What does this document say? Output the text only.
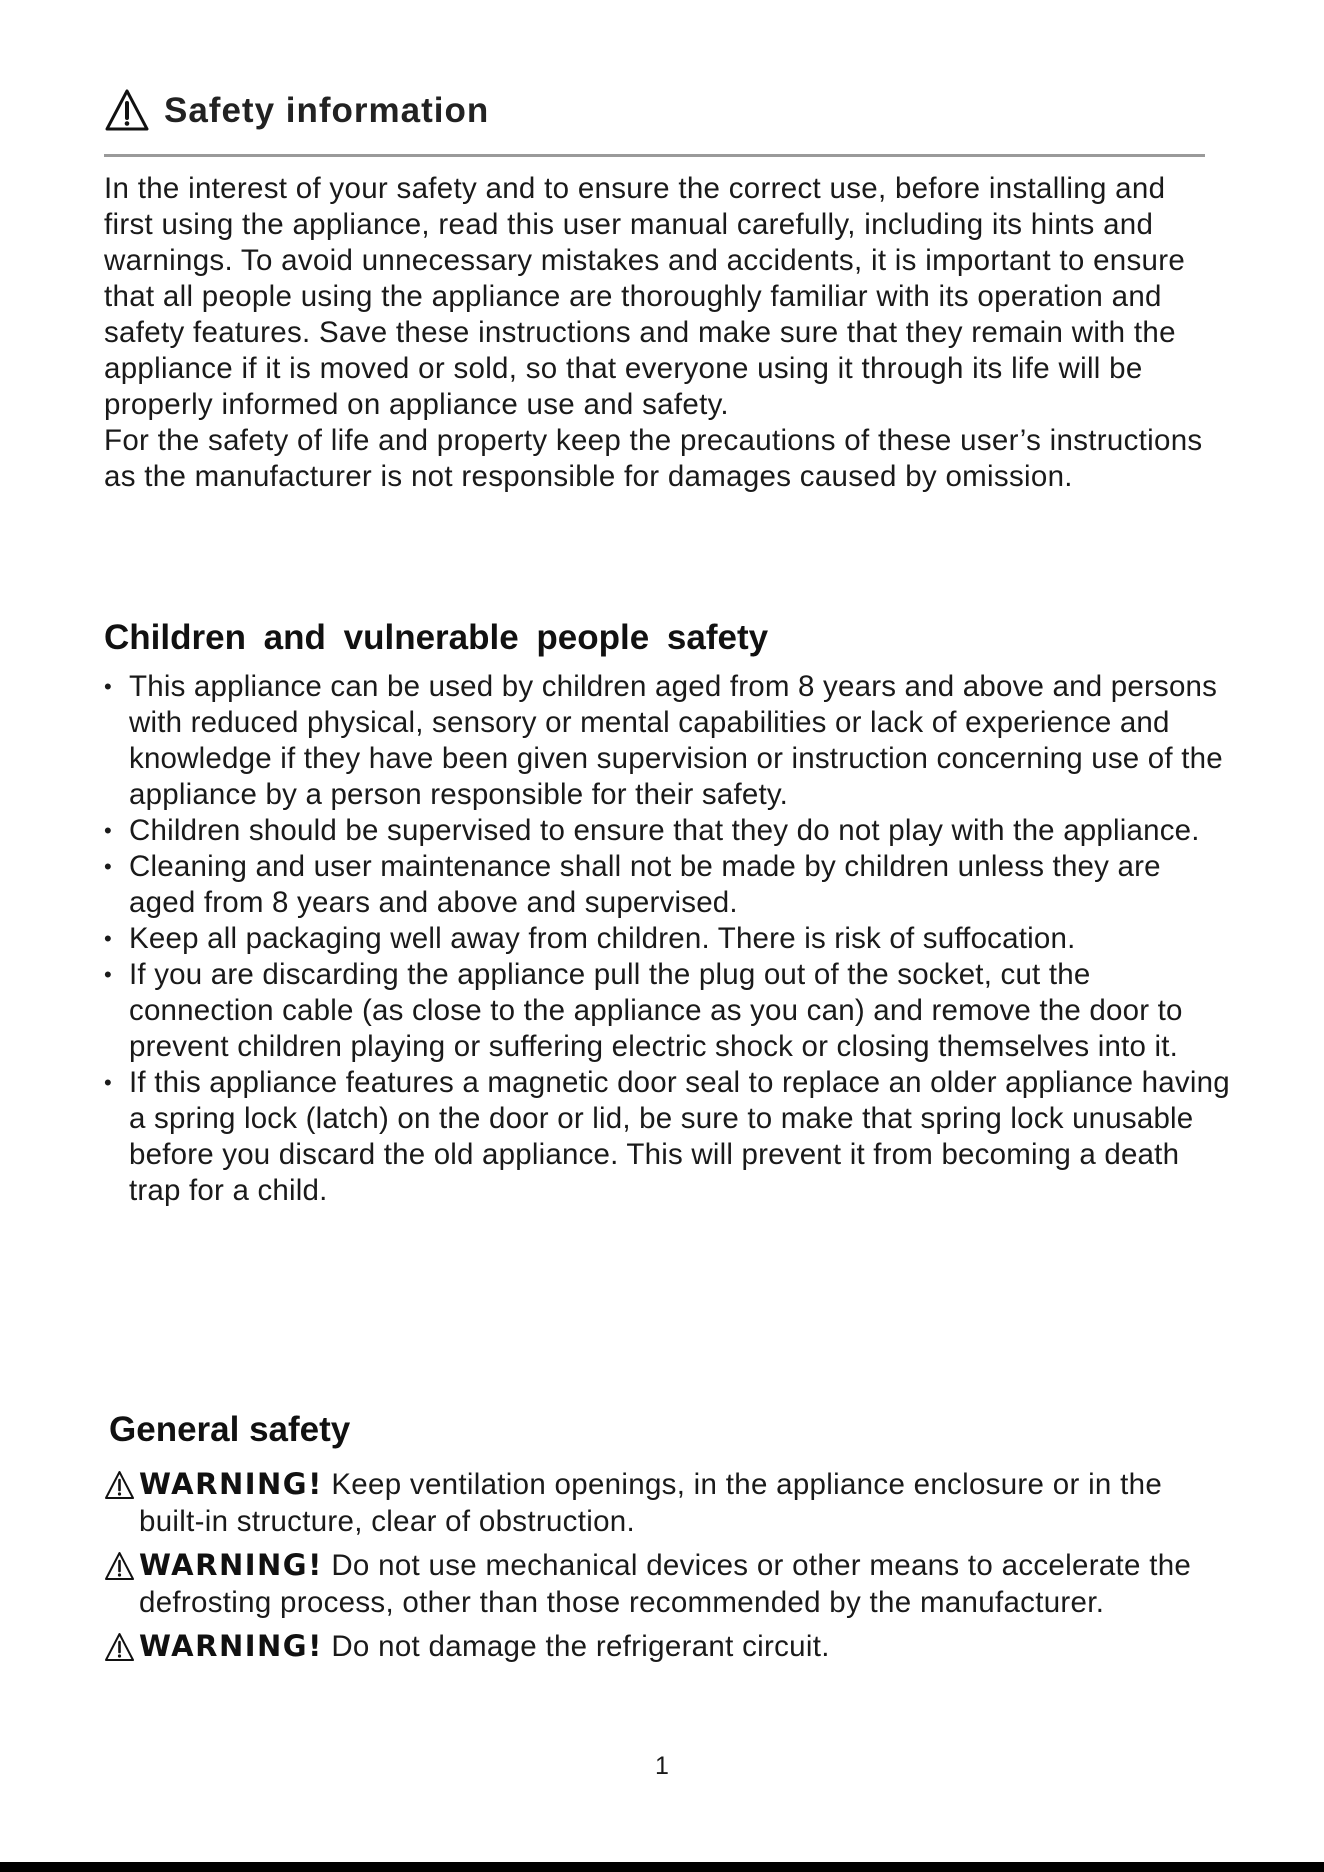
Safety information

In the interest of your safety and to ensure the correct use, before installing and first using the appliance, read this user manual carefully, including its hints and warnings. To avoid unnecessary mistakes and accidents, it is important to ensure that all people using the appliance are thoroughly familiar with its operation and safety features. Save these instructions and make sure that they remain with the appliance if it is moved or sold, so that everyone using it through its life will be properly informed on appliance use and safety.

For the safety of life and property keep the precautions of these user’s instructions as the manufacturer is not responsible for damages caused by omission.

Children and vulnerable people safety
• This appliance can be used by children aged from 8 years and above and persons with reduced physical, sensory or mental capabilities or lack of experience and knowledge if they have been given supervision or instruction concerning use of the appliance by a person responsible for their safety.
• Children should be supervised to ensure that they do not play with the appliance.
• Cleaning and user maintenance shall not be made by children unless they are aged from 8 years and above and supervised.
• Keep all packaging well away from children. There is risk of suffocation.
• If you are discarding the appliance pull the plug out of the socket, cut the connection cable (as close to the appliance as you can) and remove the door to prevent children playing or suffering electric shock or closing themselves into it.
• If this appliance features a magnetic door seal to replace an older appliance having a spring lock (latch) on the door or lid, be sure to make that spring lock unusable before you discard the old appliance. This will prevent it from becoming a death trap for a child.
General safety
WARNING! Keep ventilation openings, in the appliance enclosure or in the built-in structure, clear of obstruction.
WARNING! Do not use mechanical devices or other means to accelerate the defrosting process, other than those recommended by the manufacturer.
WARNING! Do not damage the refrigerant circuit.
1
